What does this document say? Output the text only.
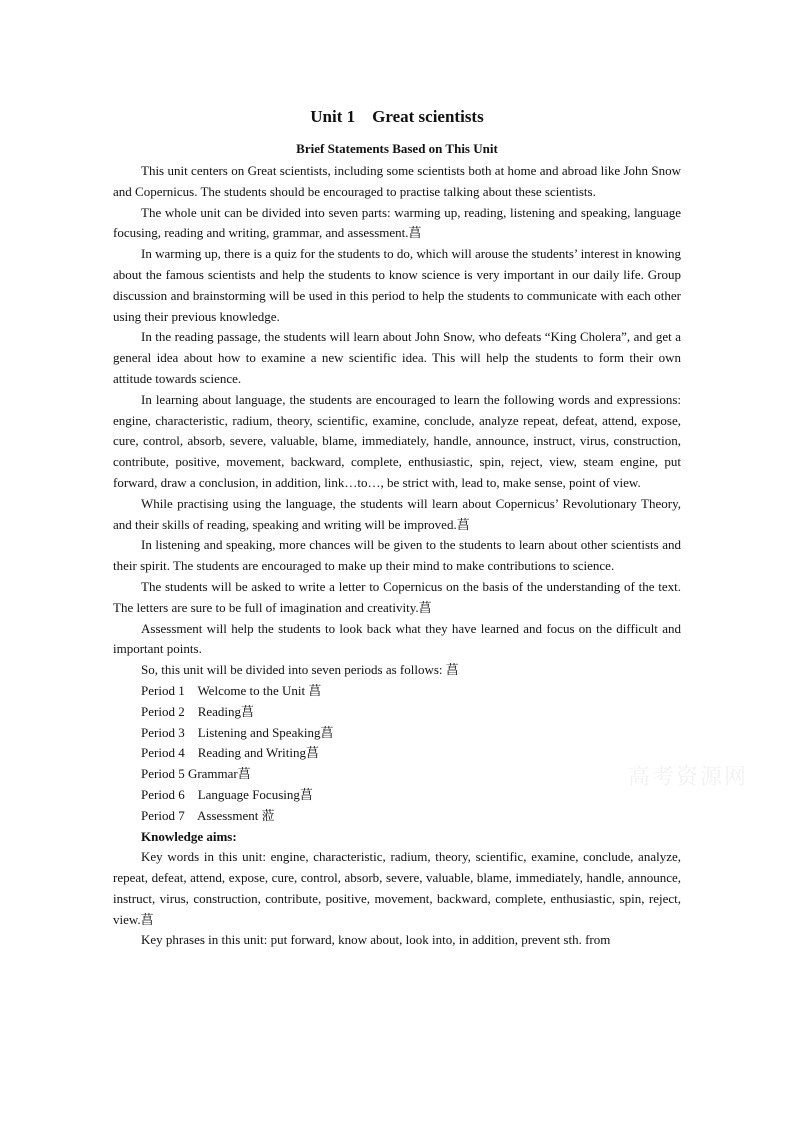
Unit 1    Great scientists
Brief Statements Based on This Unit

This unit centers on Great scientists, including some scientists both at home and abroad like John Snow and Copernicus. The students should be encouraged to practise talking about these scientists.

The whole unit can be divided into seven parts: warming up, reading, listening and speaking, language focusing, reading and writing, grammar, and assessment.菖

In warming up, there is a quiz for the students to do, which will arouse the students’ interest in knowing about the famous scientists and help the students to know science is very important in our daily life. Group discussion and brainstorming will be used in this period to help the students to communicate with each other using their previous knowledge.

In the reading passage, the students will learn about John Snow, who defeats “King Cholera”, and get a general idea about how to examine a new scientific idea. This will help the students to form their own attitude towards science.

In learning about language, the students are encouraged to learn the following words and expressions: engine, characteristic, radium, theory, scientific, examine, conclude, analyze repeat, defeat, attend, expose, cure, control, absorb, severe, valuable, blame, immediately, handle, announce, instruct, virus, construction, contribute, positive, movement, backward, complete, enthusiastic, spin, reject, view, steam engine, put forward, draw a conclusion, in addition, link…to…, be strict with, lead to, make sense, point of view.

While practising using the language, the students will learn about Copernicus’ Revolutionary Theory, and their skills of reading, speaking and writing will be improved.菖

In listening and speaking, more chances will be given to the students to learn about other scientists and their spirit. The students are encouraged to make up their mind to make contributions to science.

The students will be asked to write a letter to Copernicus on the basis of the understanding of the text. The letters are sure to be full of imagination and creativity.菖

Assessment will help the students to look back what they have learned and focus on the difficult and important points.

So, this unit will be divided into seven periods as follows: 菖

Period 1    Welcome to the Unit 菖

Period 2    Reading菖

Period 3    Listening and Speaking菖

Period 4    Reading and Writing菖

Period 5 Grammar菖

Period 6    Language Focusing菖

Period 7    Assessment 蒞

Knowledge aims:

Key words in this unit: engine, characteristic, radium, theory, scientific, examine, conclude, analyze, repeat, defeat, attend, expose, cure, control, absorb, severe, valuable, blame, immediately, handle, announce, instruct, virus, construction, contribute, positive, movement, backward, complete, enthusiastic, spin, reject, view.菖

Key phrases in this unit: put forward, know about, look into, in addition, prevent sth. from

高考资源网
